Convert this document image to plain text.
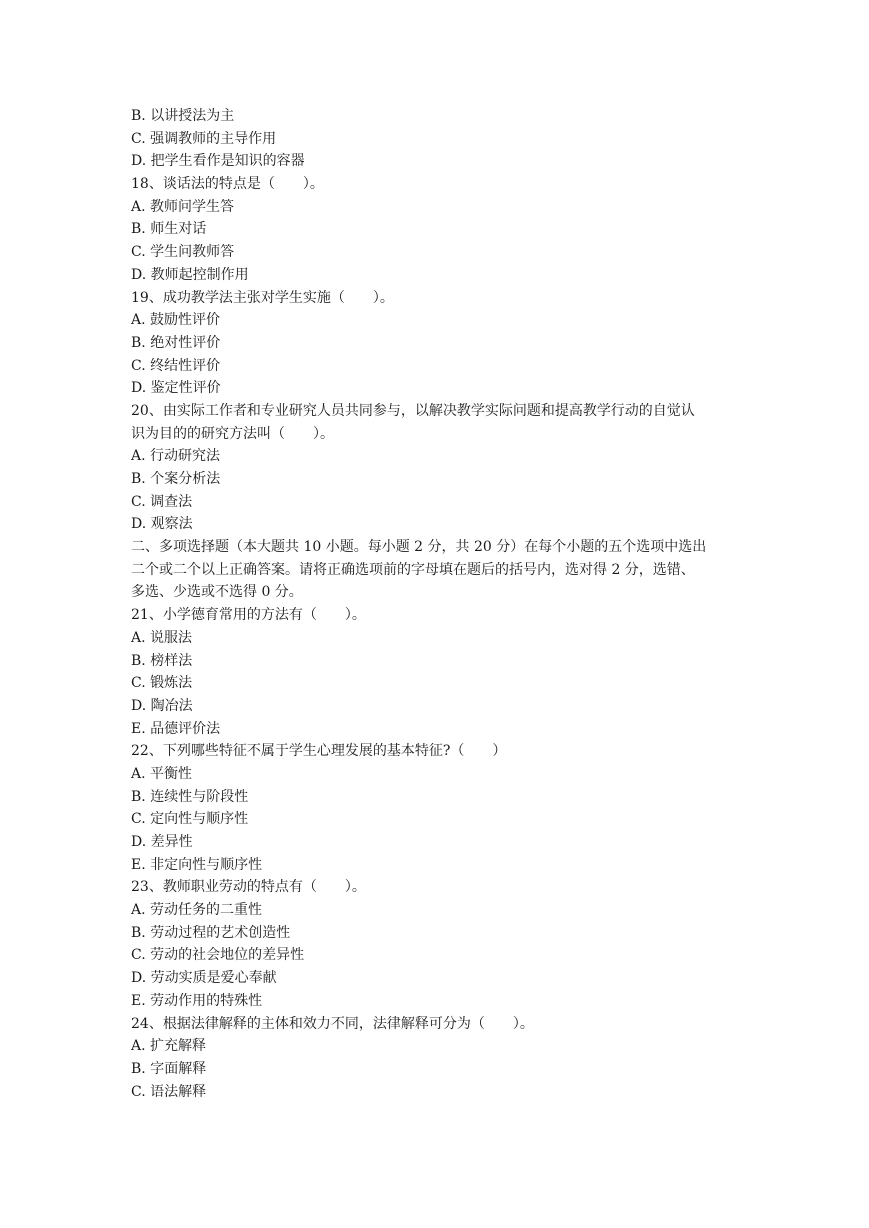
B. 以讲授法为主
C. 强调教师的主导作用
D. 把学生看作是知识的容器
18、谈话法的特点是（　　）。
A. 教师问学生答
B. 师生对话
C. 学生问教师答
D. 教师起控制作用
19、成功教学法主张对学生实施（　　）。
A. 鼓励性评价
B. 绝对性评价
C. 终结性评价
D. 鉴定性评价
20、由实际工作者和专业研究人员共同参与，以解决教学实际问题和提高教学行动的自觉认
识为目的的研究方法叫（　　）。
A. 行动研究法
B. 个案分析法
C. 调查法
D. 观察法
二、多项选择题（本大题共 10 小题。每小题 2 分，共 20 分）在每个小题的五个选项中选出
二个或二个以上正确答案。请将正确选项前的字母填在题后的括号内，选对得 2 分，选错、
多选、少选或不选得 0 分。
21、小学德育常用的方法有（　　）。
A. 说服法
B. 榜样法
C. 锻炼法
D. 陶冶法
E. 品德评价法
22、下列哪些特征不属于学生心理发展的基本特征?（　　）
A. 平衡性
B. 连续性与阶段性
C. 定向性与顺序性
D. 差异性
E. 非定向性与顺序性
23、教师职业劳动的特点有（　　）。
A. 劳动任务的二重性
B. 劳动过程的艺术创造性
C. 劳动的社会地位的差异性
D. 劳动实质是爱心奉献
E. 劳动作用的特殊性
24、根据法律解释的主体和效力不同，法律解释可分为（　　）。
A. 扩充解释
B. 字面解释
C. 语法解释
